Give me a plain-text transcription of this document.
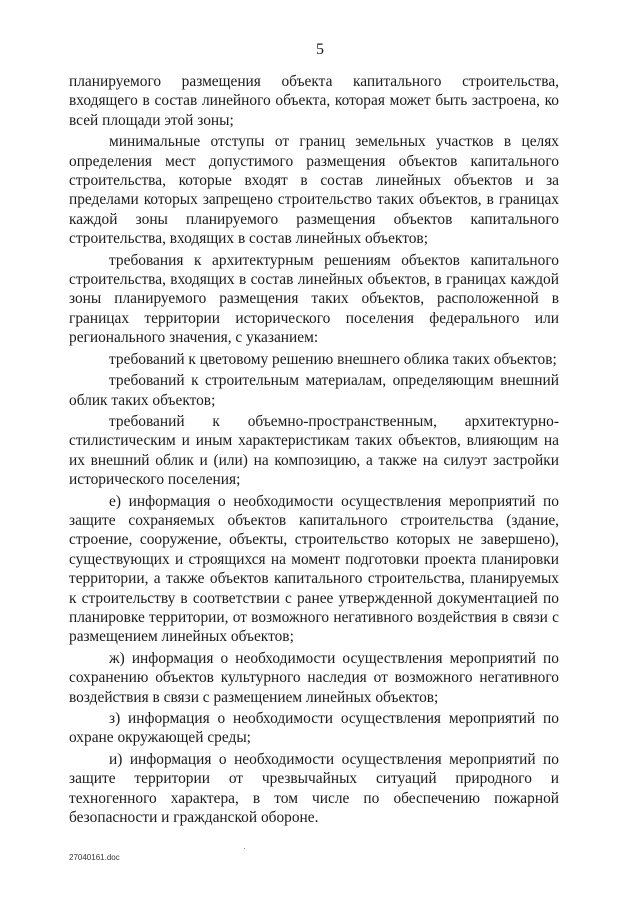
5

планируемого размещения объекта капитального строительства, входящего в состав линейного объекта, которая может быть застроена, ко всей площади этой зоны;

минимальные отступы от границ земельных участков в целях определения мест допустимого размещения объектов капитального строительства, которые входят в состав линейных объектов и за пределами которых запрещено строительство таких объектов, в границах каждой зоны планируемого размещения объектов капитального строительства, входящих в состав линейных объектов;

требования к архитектурным решениям объектов капитального строительства, входящих в состав линейных объектов, в границах каждой зоны планируемого размещения таких объектов, расположенной в границах территории исторического поселения федерального или регионального значения, с указанием:

требований к цветовому решению внешнего облика таких объектов;

требований к строительным материалам, определяющим внешний облик таких объектов;

требований к объемно-пространственным, архитектурно-стилистическим и иным характеристикам таких объектов, влияющим на их внешний облик и (или) на композицию, а также на силуэт застройки исторического поселения;

е) информация о необходимости осуществления мероприятий по защите сохраняемых объектов капитального строительства (здание, строение, сооружение, объекты, строительство которых не завершено), существующих и строящихся на момент подготовки проекта планировки территории, а также объектов капитального строительства, планируемых к строительству в соответствии с ранее утвержденной документацией по планировке территории, от возможного негативного воздействия в связи с размещением линейных объектов;

ж) информация о необходимости осуществления мероприятий по сохранению объектов культурного наследия от возможного негативного воздействия в связи с размещением линейных объектов;

з) информация о необходимости осуществления мероприятий по охране окружающей среды;

и) информация о необходимости осуществления мероприятий по защите территории от чрезвычайных ситуаций природного и техногенного характера, в том числе по обеспечению пожарной безопасности и гражданской обороне.

27040161.doc
